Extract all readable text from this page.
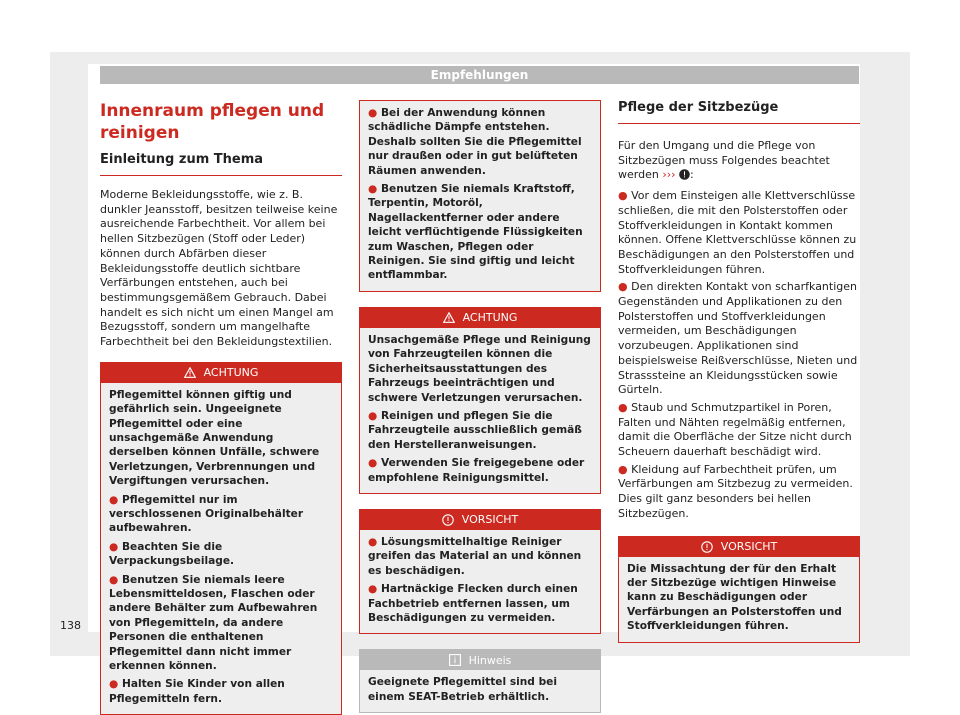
Empfehlungen

Innenraum pflegen und
reinigen

Einleitung zum Thema

Moderne Bekleidungsstoffe, wie z. B. dunkler Jeansstoff, besitzen teilweise keine ausreichende Farbechtheit. Vor allem bei hellen Sitzbezügen (Stoff oder Leder) können durch Abfärben dieser Bekleidungsstoffe deutlich sichtbare Verfärbungen entstehen, auch bei bestimmungsgemäßem Gebrauch. Dabei handelt es sich nicht um einen Mangel am Bezugsstoff, sondern um mangelhafte Farbechtheit bei den Bekleidungstextilien.

ACHTUNG

Pflegemittel können giftig und gefährlich sein. Ungeeignete Pflegemittel oder eine unsachgemäße Anwendung derselben können Unfälle, schwere Verletzungen, Verbrennungen und Vergiftungen verursachen.

● Pflegemittel nur im verschlossenen Originalbehälter aufbewahren.

● Beachten Sie die Verpackungsbeilage.

● Benutzen Sie niemals leere Lebensmitteldosen, Flaschen oder andere Behälter zum Aufbewahren von Pflegemitteln, da andere Personen die enthaltenen Pflegemittel dann nicht immer erkennen können.

● Halten Sie Kinder von allen Pflegemitteln fern.

● Bei der Anwendung können schädliche Dämpfe entstehen. Deshalb sollten Sie die Pflegemittel nur draußen oder in gut belüfteten Räumen anwenden.

● Benutzen Sie niemals Kraftstoff, Terpentin, Motoröl, Nagellackentferner oder andere leicht verflüchtigende Flüssigkeiten zum Waschen, Pflegen oder Reinigen. Sie sind giftig und leicht entflammbar.

ACHTUNG

Unsachgemäße Pflege und Reinigung von Fahrzeugteilen können die Sicherheitsausstattungen des Fahrzeugs beeinträchtigen und schwere Verletzungen verursachen.

● Reinigen und pflegen Sie die Fahrzeugteile ausschließlich gemäß den Herstelleranweisungen.

● Verwenden Sie freigegebene oder empfohlene Reinigungsmittel.

VORSICHT

● Lösungsmittelhaltige Reiniger greifen das Material an und können es beschädigen.

● Hartnäckige Flecken durch einen Fachbetrieb entfernen lassen, um Beschädigungen zu vermeiden.

Hinweis

Geeignete Pflegemittel sind bei einem SEAT-Betrieb erhältlich.

Pflege der Sitzbezüge

Für den Umgang und die Pflege von Sitzbezügen muss Folgendes beachtet werden ››› :

● Vor dem Einsteigen alle Klettverschlüsse schließen, die mit den Polsterstoffen oder Stoffverkleidungen in Kontakt kommen können. Offene Klettverschlüsse können zu Beschädigungen an den Polsterstoffen und Stoffverkleidungen führen.

● Den direkten Kontakt von scharfkantigen Gegenständen und Applikationen zu den Polsterstoffen und Stoffverkleidungen vermeiden, um Beschädigungen vorzubeugen. Applikationen sind beispielsweise Reißverschlüsse, Nieten und Strasssteine an Kleidungsstücken sowie Gürteln.

● Staub und Schmutzpartikel in Poren, Falten und Nähten regelmäßig entfernen, damit die Oberfläche der Sitze nicht durch Scheuern dauerhaft beschädigt wird.

● Kleidung auf Farbechtheit prüfen, um Verfärbungen am Sitzbezug zu vermeiden. Dies gilt ganz besonders bei hellen Sitzbezügen.

VORSICHT

Die Missachtung der für den Erhalt der Sitzbezüge wichtigen Hinweise kann zu Beschädigungen oder Verfärbungen an Polsterstoffen und Stoffverkleidungen führen.

138
